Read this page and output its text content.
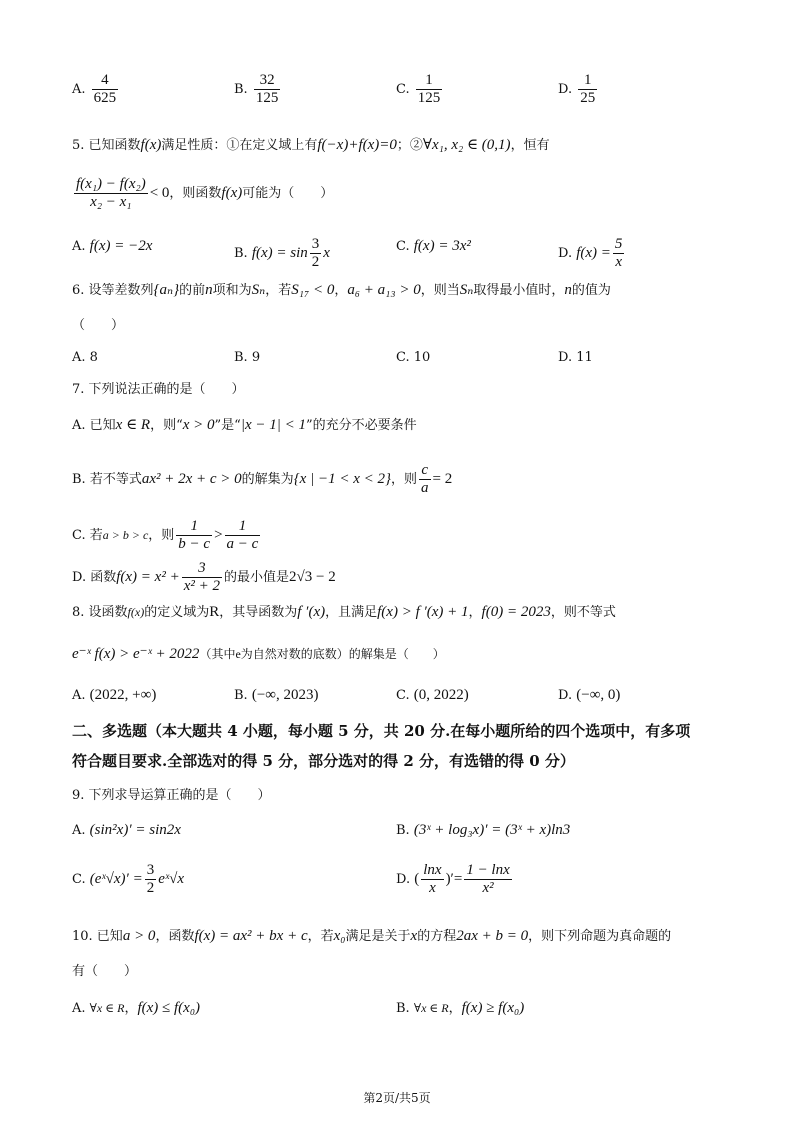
A. $\frac{4}{625}$	B. $\frac{32}{125}$	C. $\frac{1}{125}$	D. $\frac{1}{25}$
5. 已知函数f(x)满足性质：①在定义域上有f(−x)+f(x)=0；②∀x₁, x₂ ∈ (0,1)，恒有
$\frac{\text{f(x₁) − f(x₂)}}{\text{x₂ − x₁}} < 0$，则函数f(x)可能为（　　）
A. f(x) = −2x	B. $f(x) = \sin \frac{3}{2}$ x	C. f(x) = 3x²	D. $f(x) = \frac{5}{x}$
6. 设等差数列{aₙ}的前n项和为Sₙ，若S₁₇ < 0，a₆ + a₁₃ > 0，则当Sₙ取得最小值时，n的值为
（　　）
A. 8	B. 9	C. 10	D. 11
7. 下列说法正确的是（　　）
A. 已知x ∈ R，则“x > 0”是“|x − 1| < 1”的充分不必要条件
B. 若不等式ax² + 2x + c > 0的解集为{x | −1 < x < 2}，则 $\frac{c}{a} = 2$
C. 若a > b > c，则 $\frac{1}{b - c} > \frac{1}{a - c}$
D. 函数$f(x) = x^2 + \frac{3}{\text{x² + 2}}$ 的最小值是2√3 − 2
8. 设函数f(x)的定义域为R，其导函数为f ′(x)，且满足f(x) > f ′(x) + 1，f(0) = 2023，则不等式
e⁻ˣ f(x) > e⁻ˣ + 2022（其中e为自然对数的底数）的解集是（　　）
A. (2022, +∞)	B. (−∞, 2023)	C. (0, 2022)	D. (−∞, 0)
二、多选题（本大题共 4 小题，每小题 5 分，共 20 分.在每小题所给的四个选项中，有多项
符合题目要求.全部选对的得 5 分，部分选对的得 2 分，有选错的得 0 分）
9. 下列求导运算正确的是（　　）
A. (sin²x)′ = sin2x	B. (3ˣ + log₃x)′ = (3ˣ + x)ln3
C. (eˣ√x)′ = $\frac{3}{2}$ eˣ√x	D. ( $\frac{\ln x}{x}$ )′= $\frac{1 - \ln x}{\text{x²}}$
10. 已知a > 0，函数f(x) = ax² + bx + c，若x₀满足是关于x的方程2ax + b = 0，则下列命题为真命题的
有（　　）
A. ∀x ∈ R，f(x) ≤ f(x₀)	B. ∀x ∈ R，f(x) ≥ f(x₀)
第2页/共5页
